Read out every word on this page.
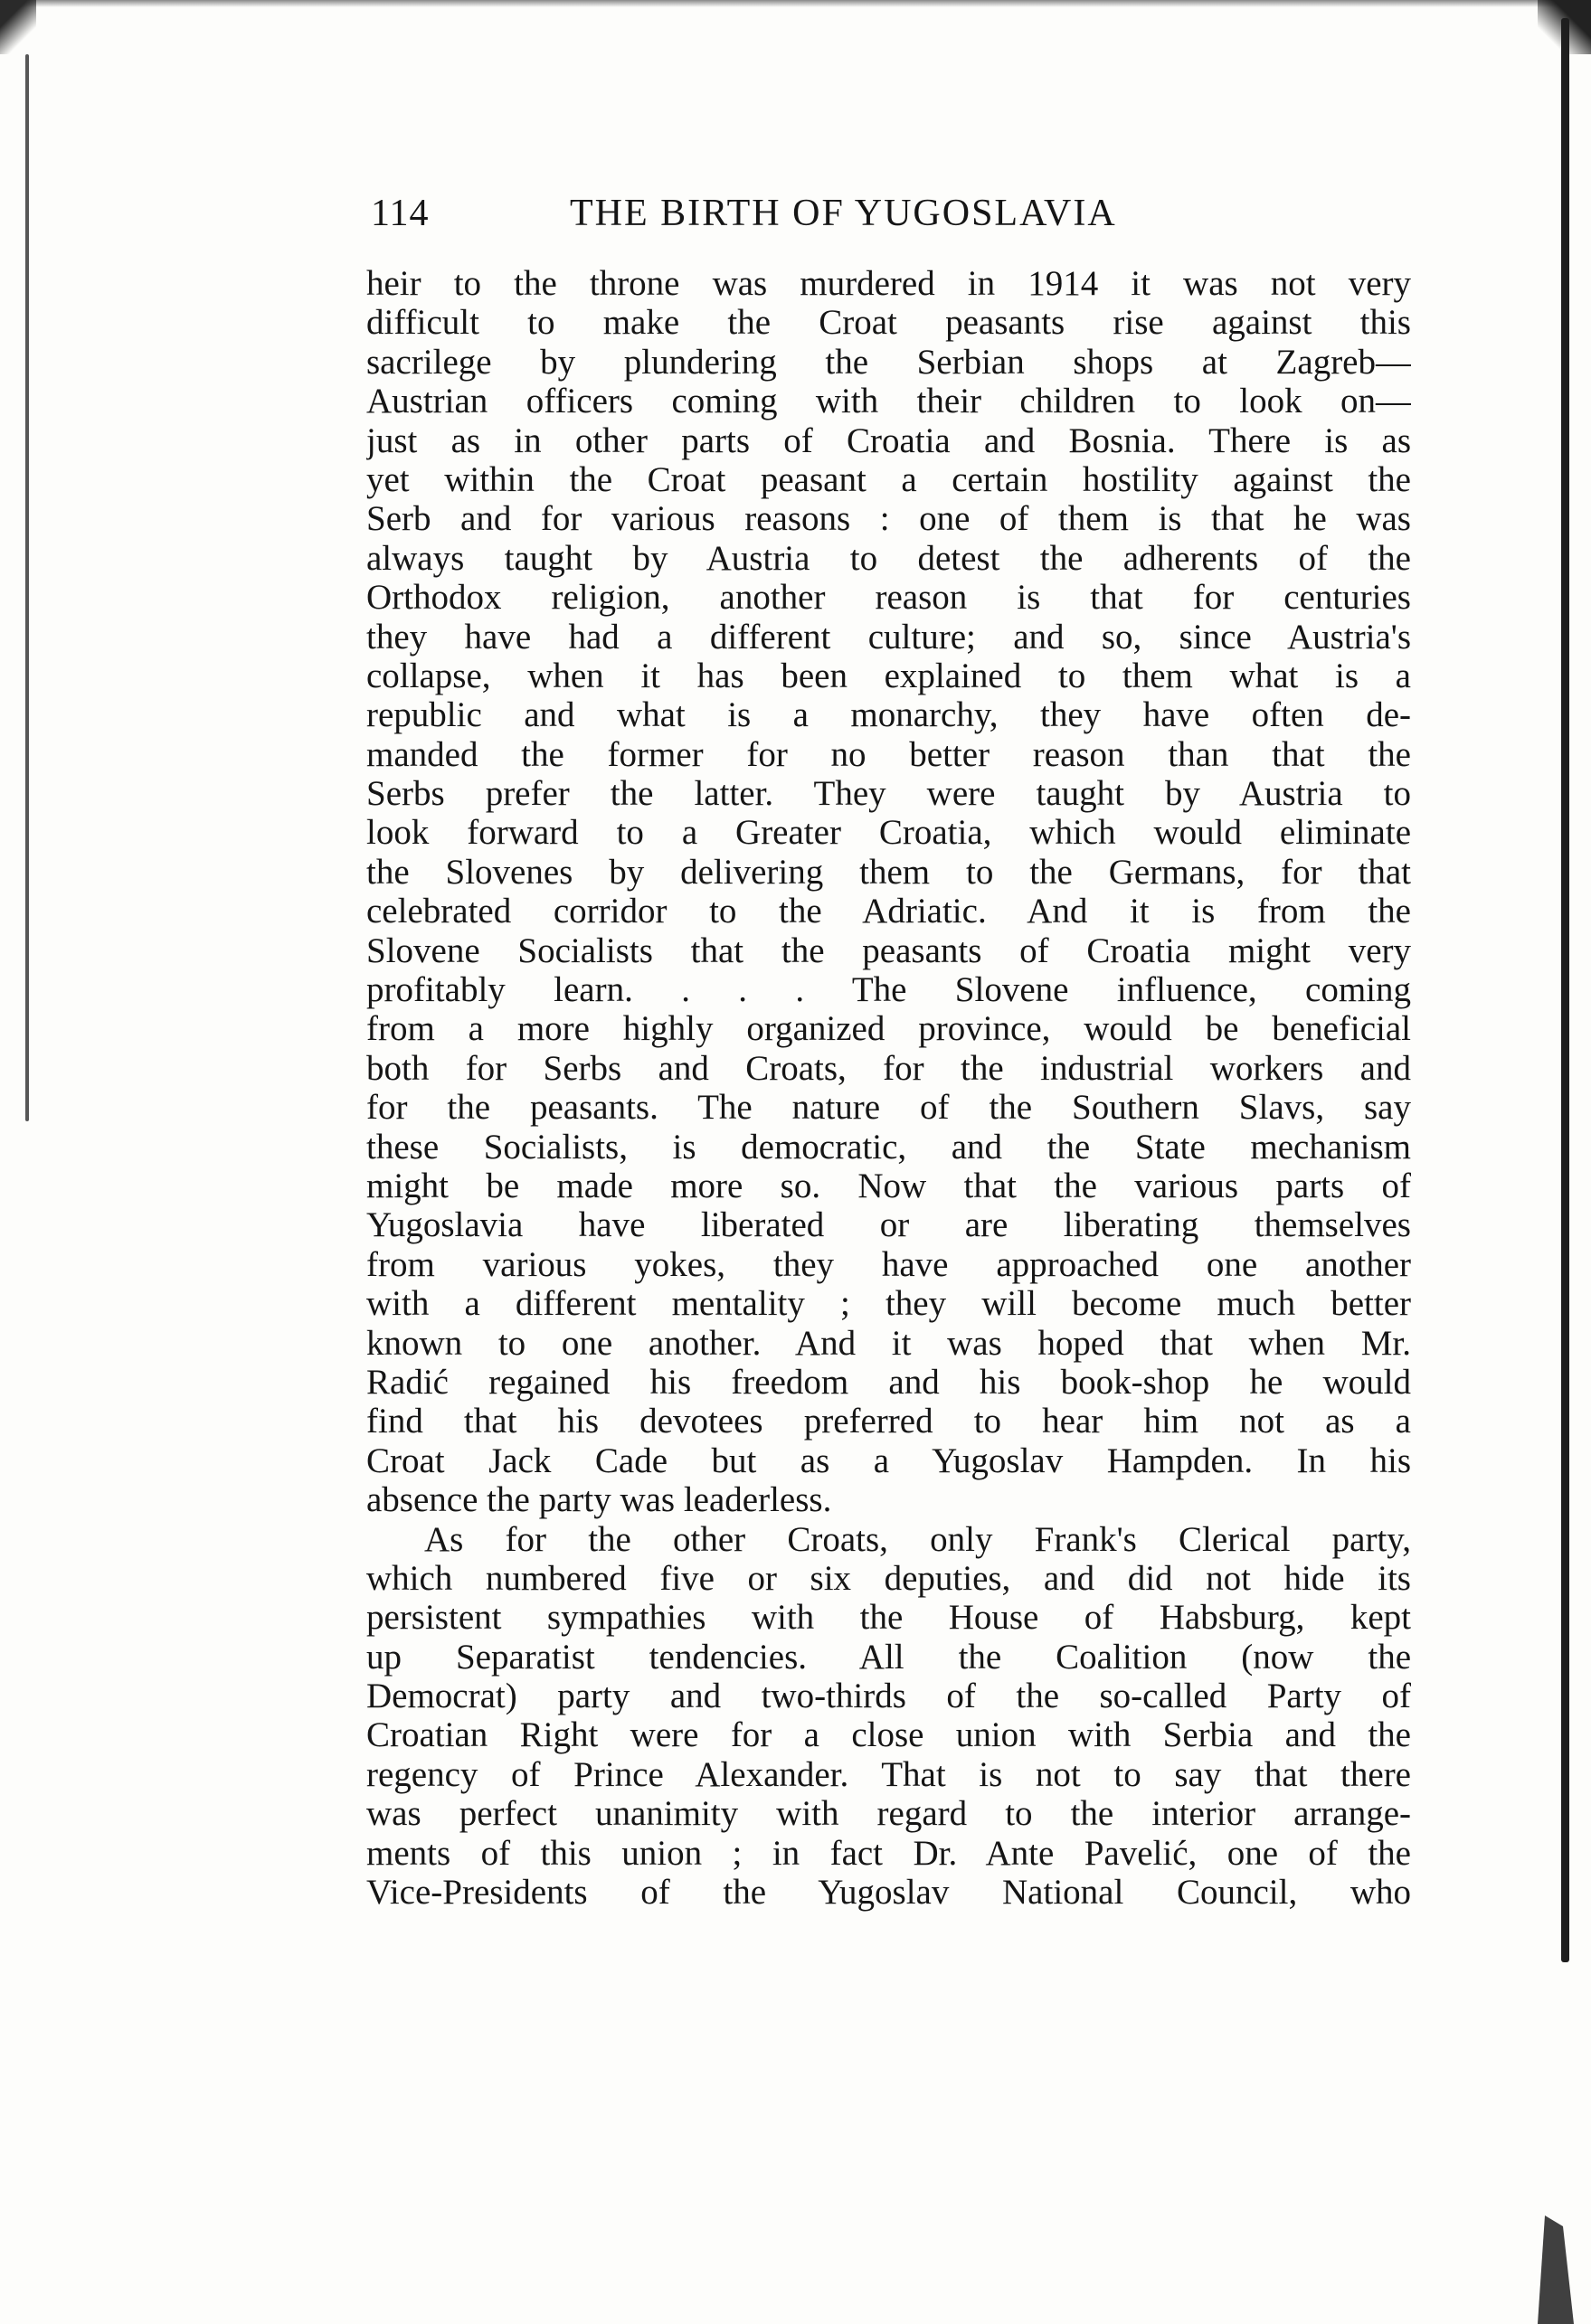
114	THE BIRTH OF YUGOSLAVIA
heir to the throne was murdered in 1914 it was not very
difficult to make the Croat peasants rise against this
sacrilege by plundering the Serbian shops at Zagreb—
Austrian officers coming with their children to look on—
just as in other parts of Croatia and Bosnia. There is as
yet within the Croat peasant a certain hostility against the
Serb and for various reasons : one of them is that he was
always taught by Austria to detest the adherents of the
Orthodox religion, another reason is that for centuries
they have had a different culture; and so, since Austria's
collapse, when it has been explained to them what is a
republic and what is a monarchy, they have often de-
manded the former for no better reason than that the
Serbs prefer the latter. They were taught by Austria to
look forward to a Greater Croatia, which would eliminate
the Slovenes by delivering them to the Germans, for that
celebrated corridor to the Adriatic. And it is from the
Slovene Socialists that the peasants of Croatia might very
profitably learn. . . . The Slovene influence, coming
from a more highly organized province, would be beneficial
both for Serbs and Croats, for the industrial workers and
for the peasants. The nature of the Southern Slavs, say
these Socialists, is democratic, and the State mechanism
might be made more so. Now that the various parts of
Yugoslavia have liberated or are liberating themselves
from various yokes, they have approached one another
with a different mentality ; they will become much better
known to one another. And it was hoped that when Mr.
Radić regained his freedom and his book-shop he would
find that his devotees preferred to hear him not as a
Croat Jack Cade but as a Yugoslav Hampden. In his
absence the party was leaderless.
As for the other Croats, only Frank's Clerical party,
which numbered five or six deputies, and did not hide its
persistent sympathies with the House of Habsburg, kept
up Separatist tendencies. All the Coalition (now the
Democrat) party and two-thirds of the so-called Party of
Croatian Right were for a close union with Serbia and the
regency of Prince Alexander. That is not to say that there
was perfect unanimity with regard to the interior arrange-
ments of this union ; in fact Dr. Ante Pavelić, one of the
Vice-Presidents of the Yugoslav National Council, who
